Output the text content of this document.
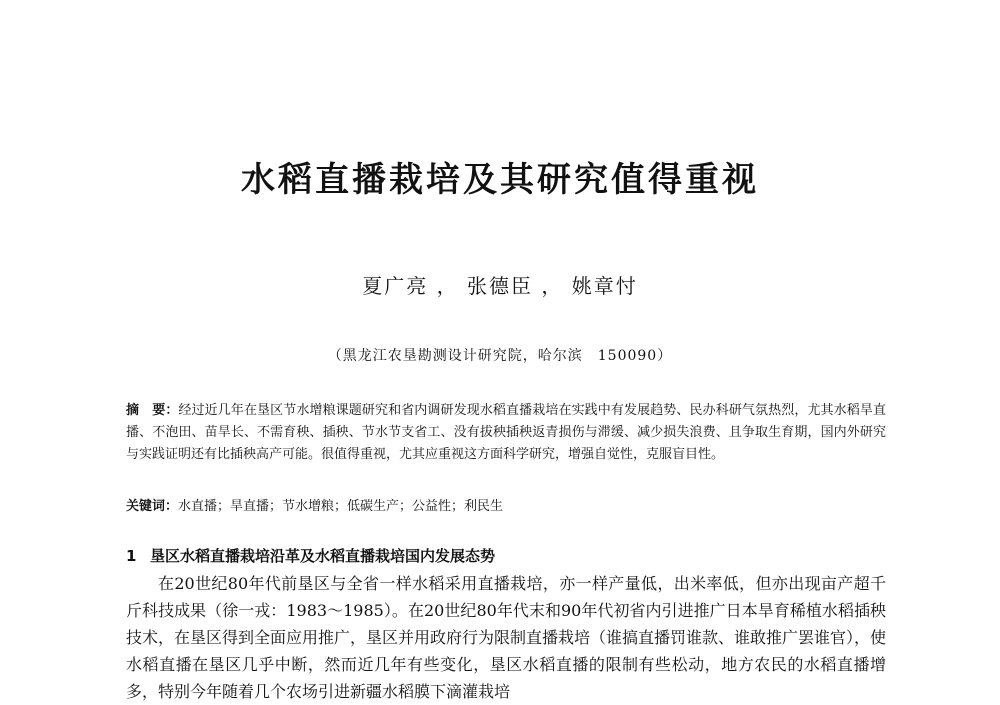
水稻直播栽培及其研究值得重视
夏广亮 ， 张德臣 ， 姚章忖
（黑龙江农垦勘测设计研究院，哈尔滨　150090）
摘　要：经过近几年在垦区节水增粮课题研究和省内调研发现水稻直播栽培在实践中有发展趋势、民办科研气氛热烈，尤其水稻旱直播、不泡田、苗旱长、不需育秧、插秧、节水节支省工、没有拔秧插秧返青损伤与滞缓、减少损失浪费、且争取生育期，国内外研究与实践证明还有比插秧高产可能。很值得重视，尤其应重视这方面科学研究，增强自觉性，克服盲目性。
关键词：水直播；旱直播；节水增粮；低碳生产；公益性；利民生
1 垦区水稻直播栽培沿革及水稻直播栽培国内发展态势
在20世纪80年代前垦区与全省一样水稻采用直播栽培，亦一样产量低，出米率低，但亦出现亩产超千斤科技成果（徐一戎：1983～1985）。在20世纪80年代末和90年代初省内引进推广日本旱育稀植水稻插秧技术，在垦区得到全面应用推广，垦区并用政府行为限制直播栽培（谁搞直播罚谁款、谁敢推广罢谁官），使水稻直播在垦区几乎中断，然而近几年有些变化，垦区水稻直播的限制有些松动，地方农民的水稻直播增多，特别今年随着几个农场引进新疆水稻膜下滴灌栽培
